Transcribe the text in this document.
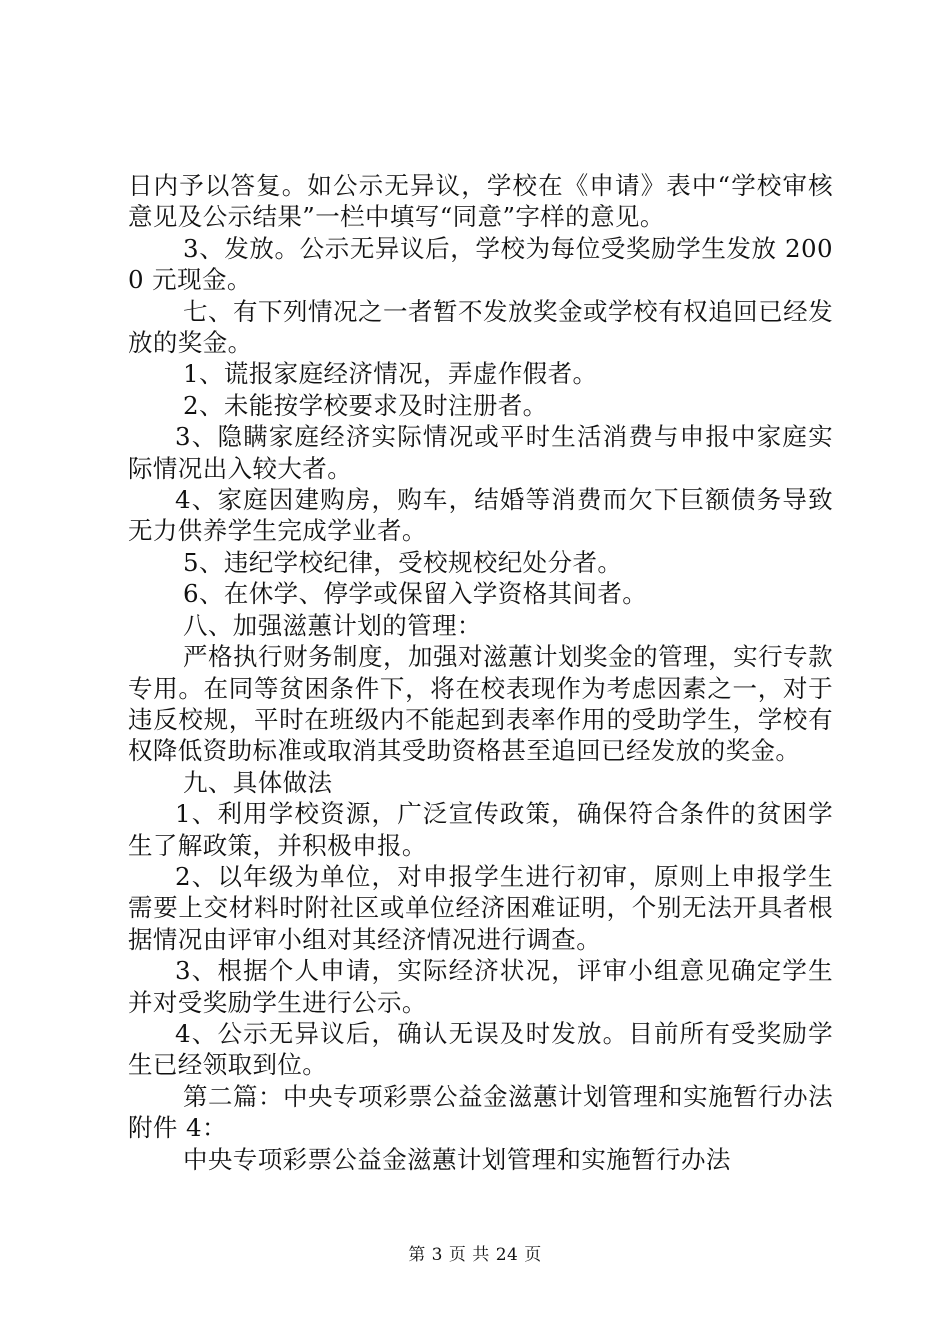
日内予以答复。如公示无异议，学校在《申请》表中“学校审核意见及公示结果”一栏中填写“同意”字样的意见。

3、发放。公示无异议后，学校为每位受奖励学生发放 2000 元现金。

七、有下列情况之一者暂不发放奖金或学校有权追回已经发放的奖金。

1、谎报家庭经济情况，弄虚作假者。

2、未能按学校要求及时注册者。

3、隐瞒家庭经济实际情况或平时生活消费与申报中家庭实际情况出入较大者。

4、家庭因建购房，购车，结婚等消费而欠下巨额债务导致无力供养学生完成学业者。

5、违纪学校纪律，受校规校纪处分者。

6、在休学、停学或保留入学资格其间者。

八、加强滋蕙计划的管理：

严格执行财务制度，加强对滋蕙计划奖金的管理，实行专款专用。在同等贫困条件下，将在校表现作为考虑因素之一，对于违反校规，平时在班级内不能起到表率作用的受助学生，学校有权降低资助标准或取消其受助资格甚至追回已经发放的奖金。

九、具体做法

1、利用学校资源，广泛宣传政策，确保符合条件的贫困学生了解政策，并积极申报。

2、以年级为单位，对申报学生进行初审，原则上申报学生需要上交材料时附社区或单位经济困难证明，个别无法开具者根据情况由评审小组对其经济情况进行调查。

3、根据个人申请，实际经济状况，评审小组意见确定学生并对受奖励学生进行公示。

4、公示无异议后，确认无误及时发放。目前所有受奖励学生已经领取到位。

第二篇：中央专项彩票公益金滋蕙计划管理和实施暂行办法附件 4：

中央专项彩票公益金滋蕙计划管理和实施暂行办法

第 3 页 共 24 页
